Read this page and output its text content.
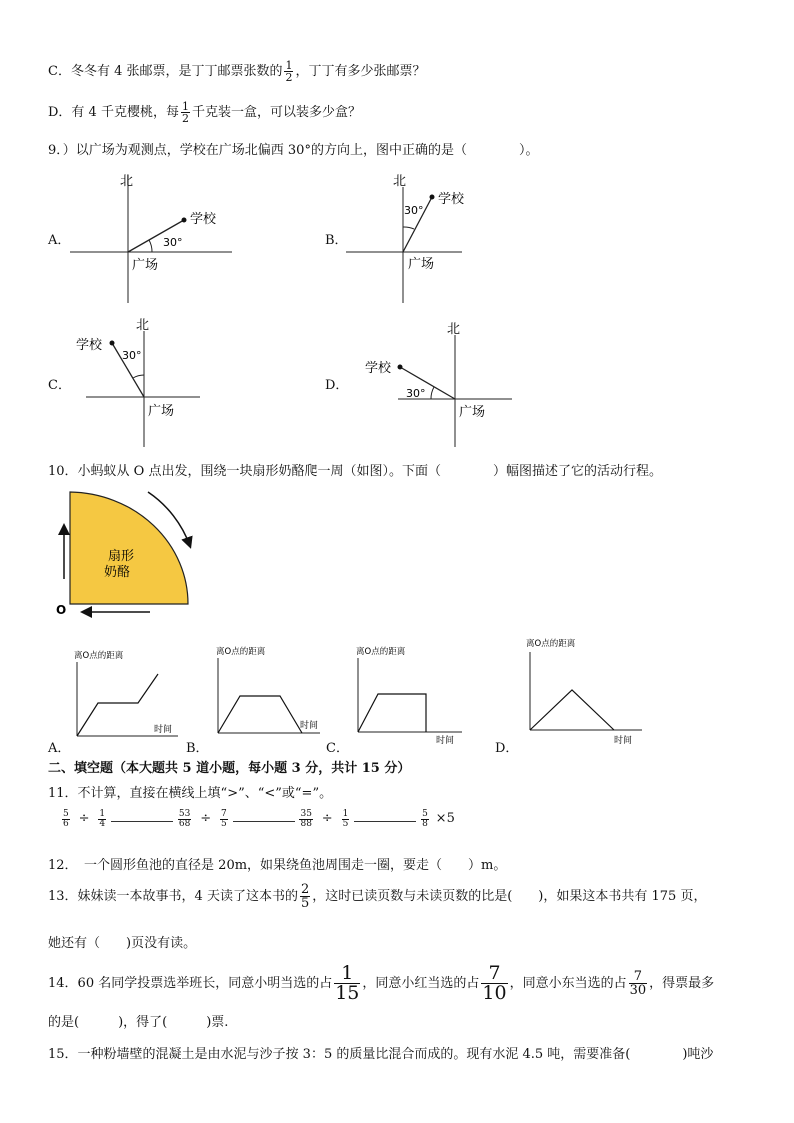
C．冬冬有 4 张邮票，是丁丁邮票张数的 $\frac{1}{2}$ ，丁丁有多少张邮票？
D．有 4 千克樱桃，每 $\frac{1}{2}$ 千克装一盒，可以装多少盒？
9．）以广场为观测点，学校在广场北偏西 30°的方向上，图中正确的是（　　　　）。
A．	B．
C．	D．
北
学校
30°
广场
北
学校
30°
广场
北
学校
30°
广场
北
学校
30°
广场
10．小蚂蚁从 O 点出发，围绕一块扇形奶酪爬一周（如图）。下面（　　　　）幅图描述了它的活动行程。
扇形
奶酪
O
离O点的距离
时间
离O点的距离
时间
离O点的距离
时间
离O点的距离
时间
A．	B．	C．	D．
二、填空题（本大题共 5 道小题，每小题 3 分，共计 15 分）
11．不计算，直接在横线上填“>”、“<”或“=”。
$\frac{5}{6} \div \frac{1}{4}$
	$\frac{53}{68} \div \frac{7}{5}$
	$\frac{35}{88} \div \frac{1}{5}$
	$\frac{5}{8} \times 5$
12．　一个圆形鱼池的直径是 20m，如果绕鱼池周围走一圈，要走（　　）m。
13．妹妹读一本故事书，4 天读了这本书的 $\frac{2}{5}$ ，这时已读页数与未读页数的比是(　　)，如果这本书共有 175 页，
她还有（　　)页没有读。
14．60 名同学投票选举班长，同意小明当选的占 $\frac{1}{15}$ ，同意小红当选的占 $\frac{7}{10}$ ，同意小东当选的占 $\frac{7}{30}$ ，得票最多
的是(　　　)，得了(　　　)票.
15．一种粉墙壁的混凝土是由水泥与沙子按 3：5 的质量比混合而成的。现有水泥 4.5 吨，需要准备(　　　　)吨沙
